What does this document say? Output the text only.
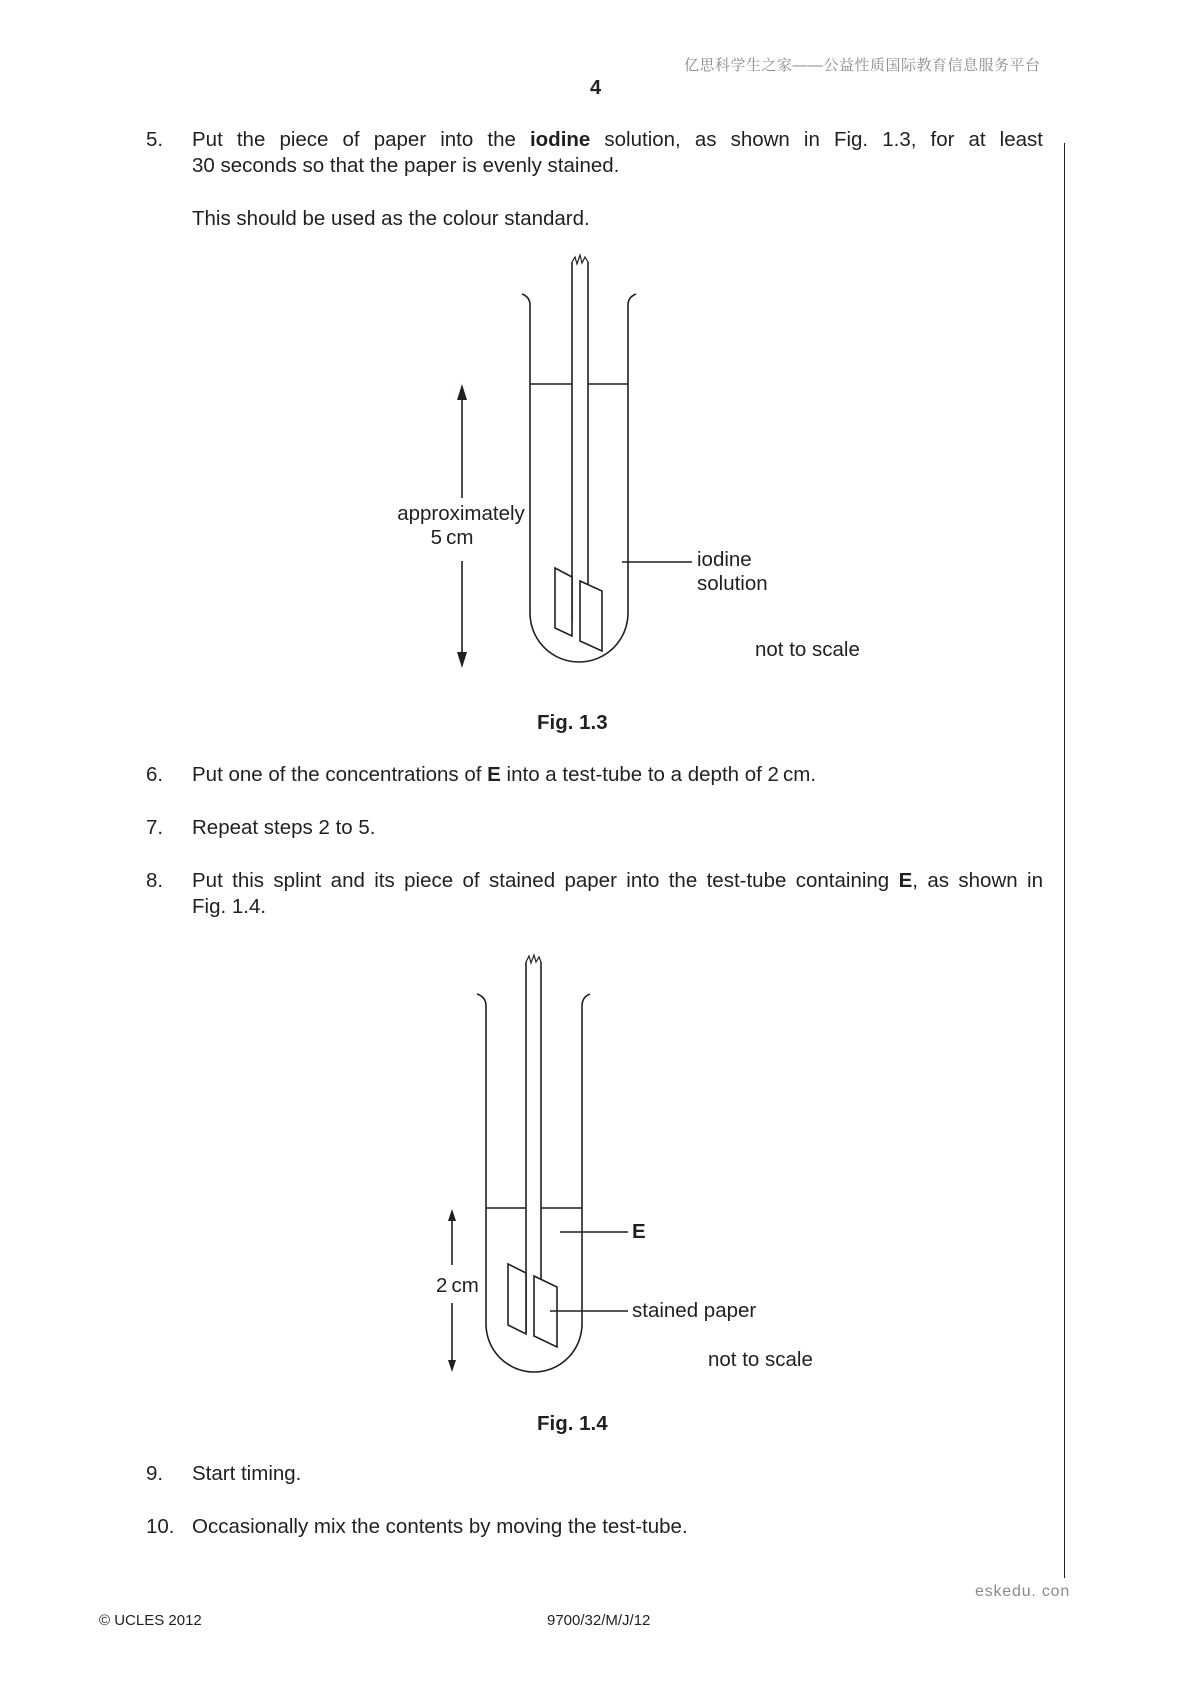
亿思科学生之家——公益性质国际教育信息服务平台
4
5. Put the piece of paper into the iodine solution, as shown in Fig. 1.3, for at least
30 seconds so that the paper is evenly stained.
This should be used as the colour standard.
approximately
5 cm
iodine
solution
not to scale
Fig. 1.3
6. Put one of the concentrations of E into a test-tube to a depth of 2 cm.
7. Repeat steps 2 to 5.
8. Put this splint and its piece of stained paper into the test-tube containing E, as shown in
Fig. 1.4.
2 cm
E
stained paper
not to scale
Fig. 1.4
9. Start timing.
10. Occasionally mix the contents by moving the test-tube.
eskedu. con
© UCLES 2012	9700/32/M/J/12
